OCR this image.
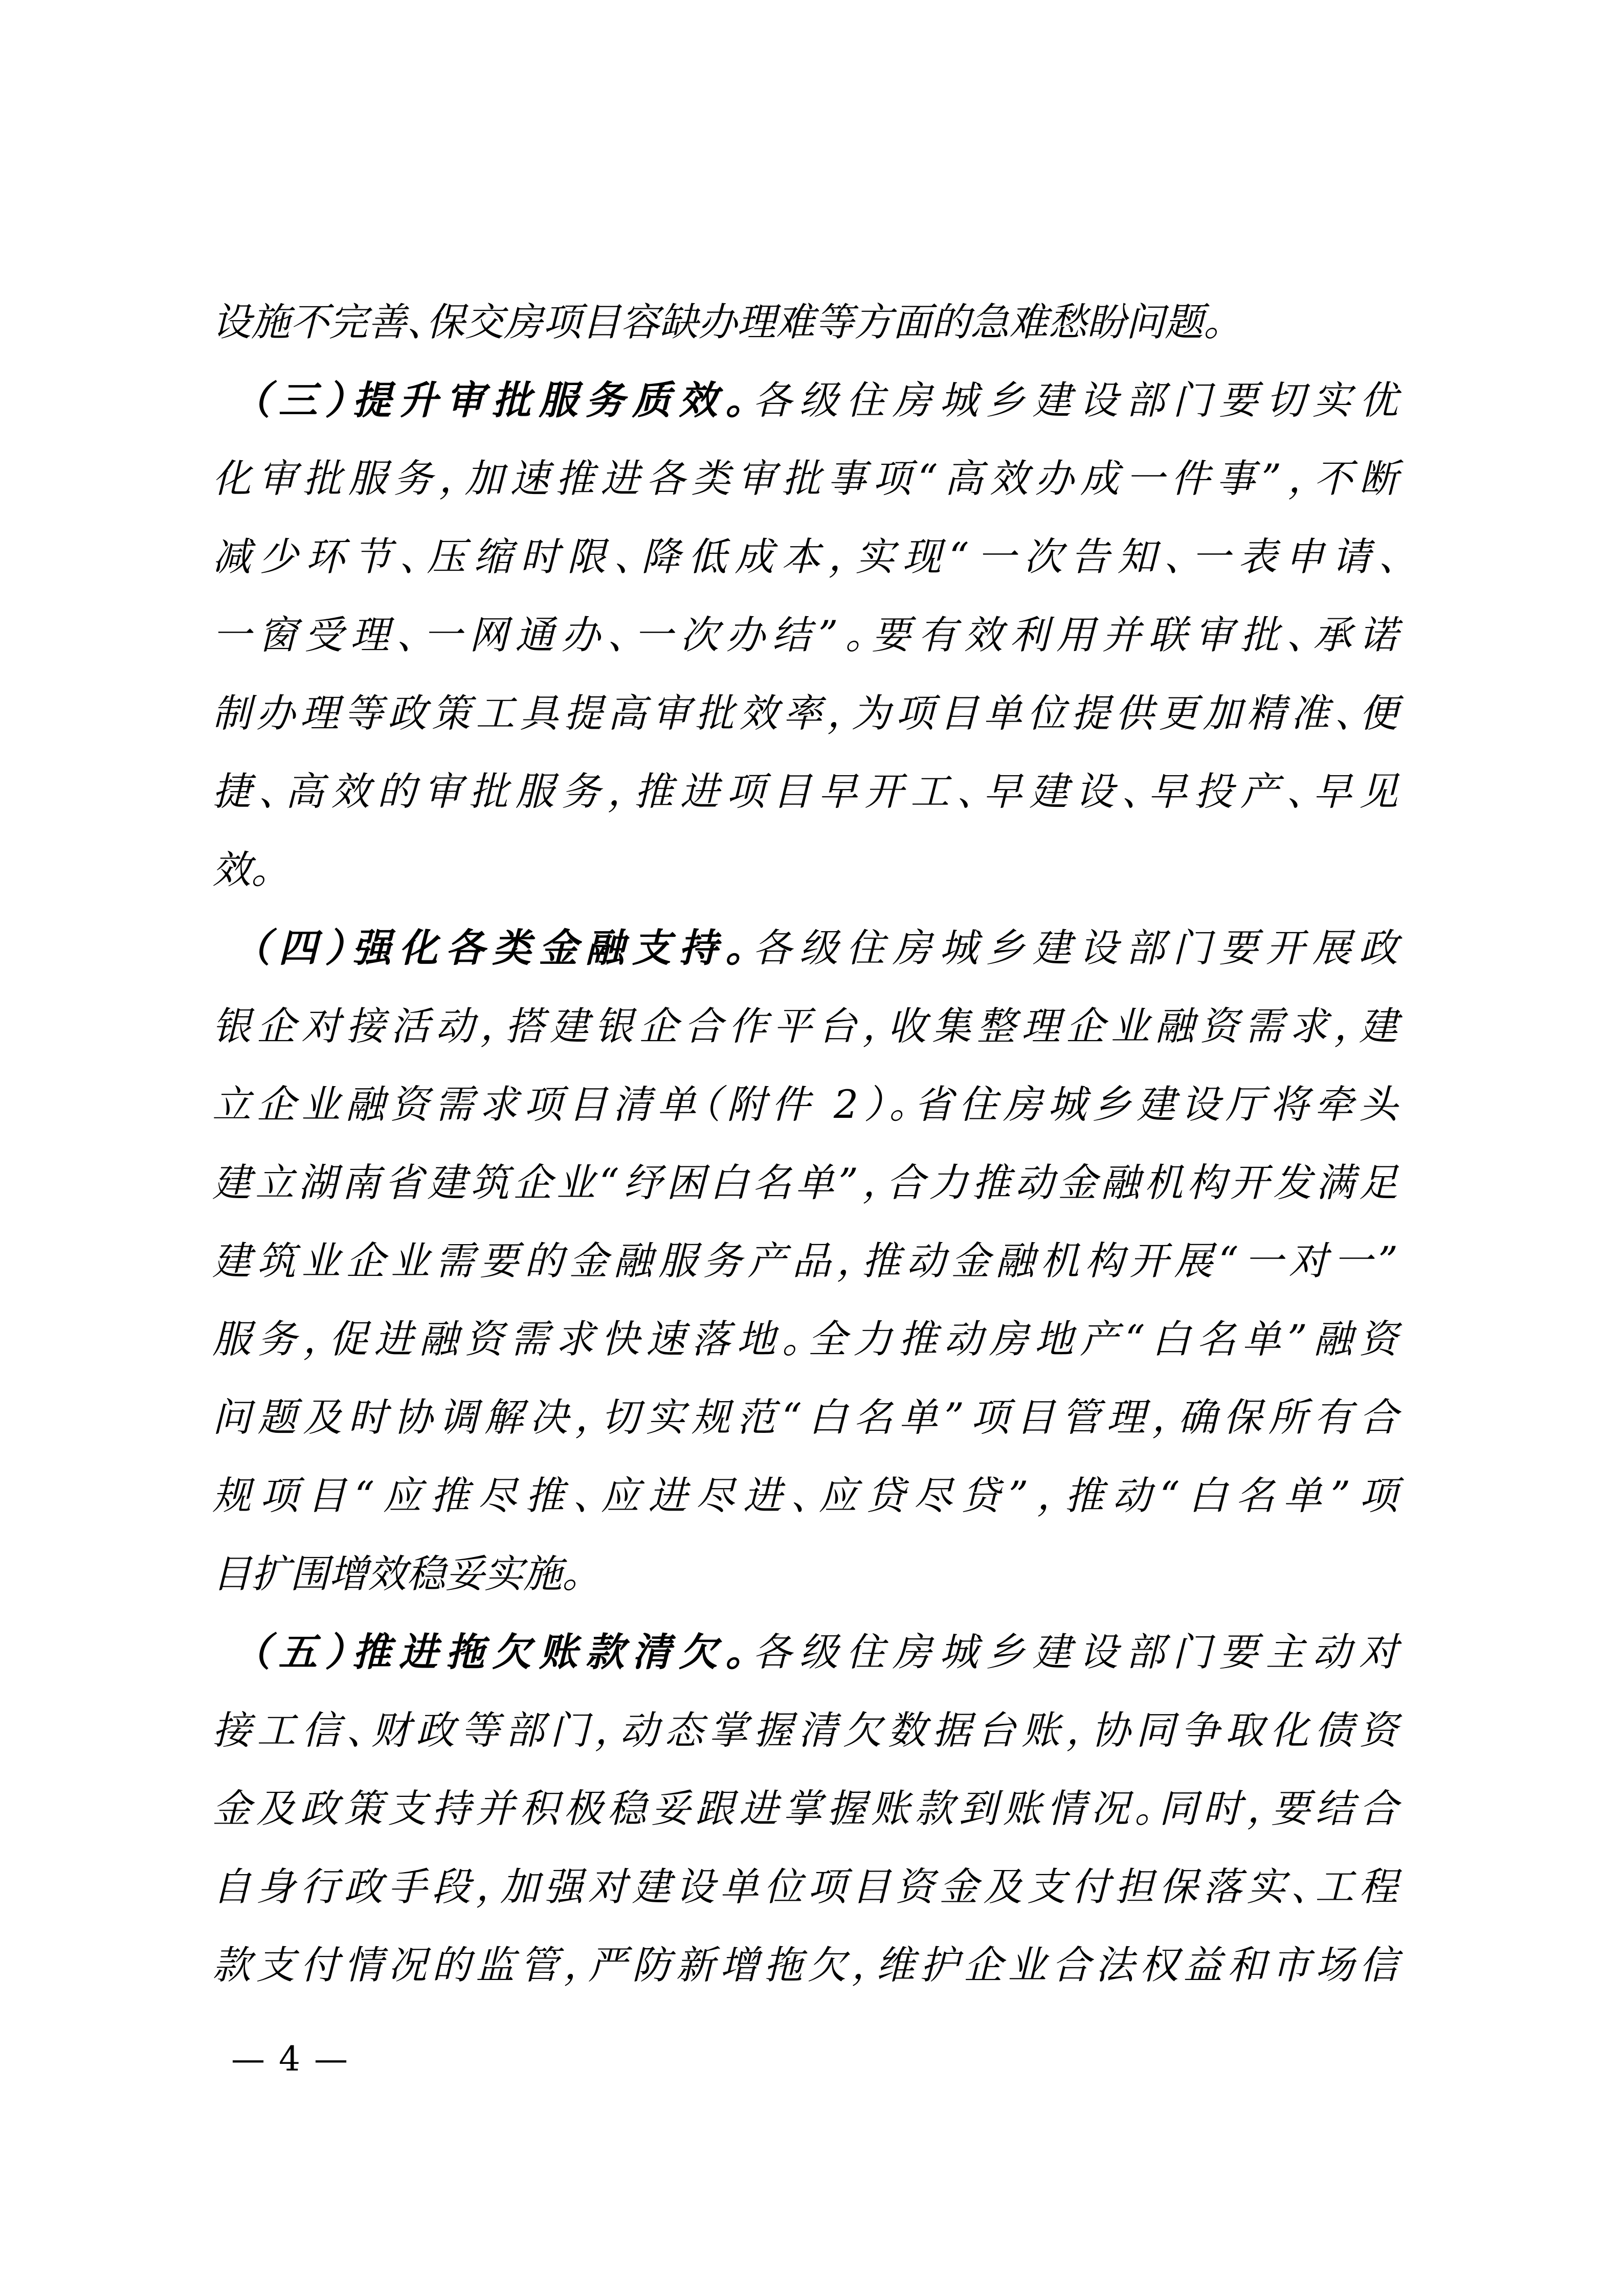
设施不完善、保交房项目容缺办理难等方面的急难愁盼问题。
（三）提升审批服务质效。各级住房城乡建设部门要切实优
化审批服务，加速推进各类审批事项“高效办成一件事”，不断
减少环节、压缩时限、降低成本，实现“一次告知、一表申请、
一窗受理、一网通办、一次办结”。要有效利用并联审批、承诺
制办理等政策工具提高审批效率，为项目单位提供更加精准、便
捷、高效的审批服务，推进项目早开工、早建设、早投产、早见
效。
（四）强化各类金融支持。各级住房城乡建设部门要开展政
银企对接活动，搭建银企合作平台，收集整理企业融资需求，建
立企业融资需求项目清单（附件 2）。省住房城乡建设厅将牵头
建立湖南省建筑企业“纾困白名单”，合力推动金融机构开发满足
建筑业企业需要的金融服务产品，推动金融机构开展“一对一”
服务，促进融资需求快速落地。全力推动房地产“白名单”融资
问题及时协调解决，切实规范“白名单”项目管理，确保所有合
规项目“应推尽推、应进尽进、应贷尽贷”，推动“白名单”项
目扩围增效稳妥实施。
（五）推进拖欠账款清欠。各级住房城乡建设部门要主动对
接工信、财政等部门，动态掌握清欠数据台账，协同争取化债资
金及政策支持并积极稳妥跟进掌握账款到账情况。同时，要结合
自身行政手段，加强对建设单位项目资金及支付担保落实、工程
款支付情况的监管，严防新增拖欠，维护企业合法权益和市场信
— 4 —
